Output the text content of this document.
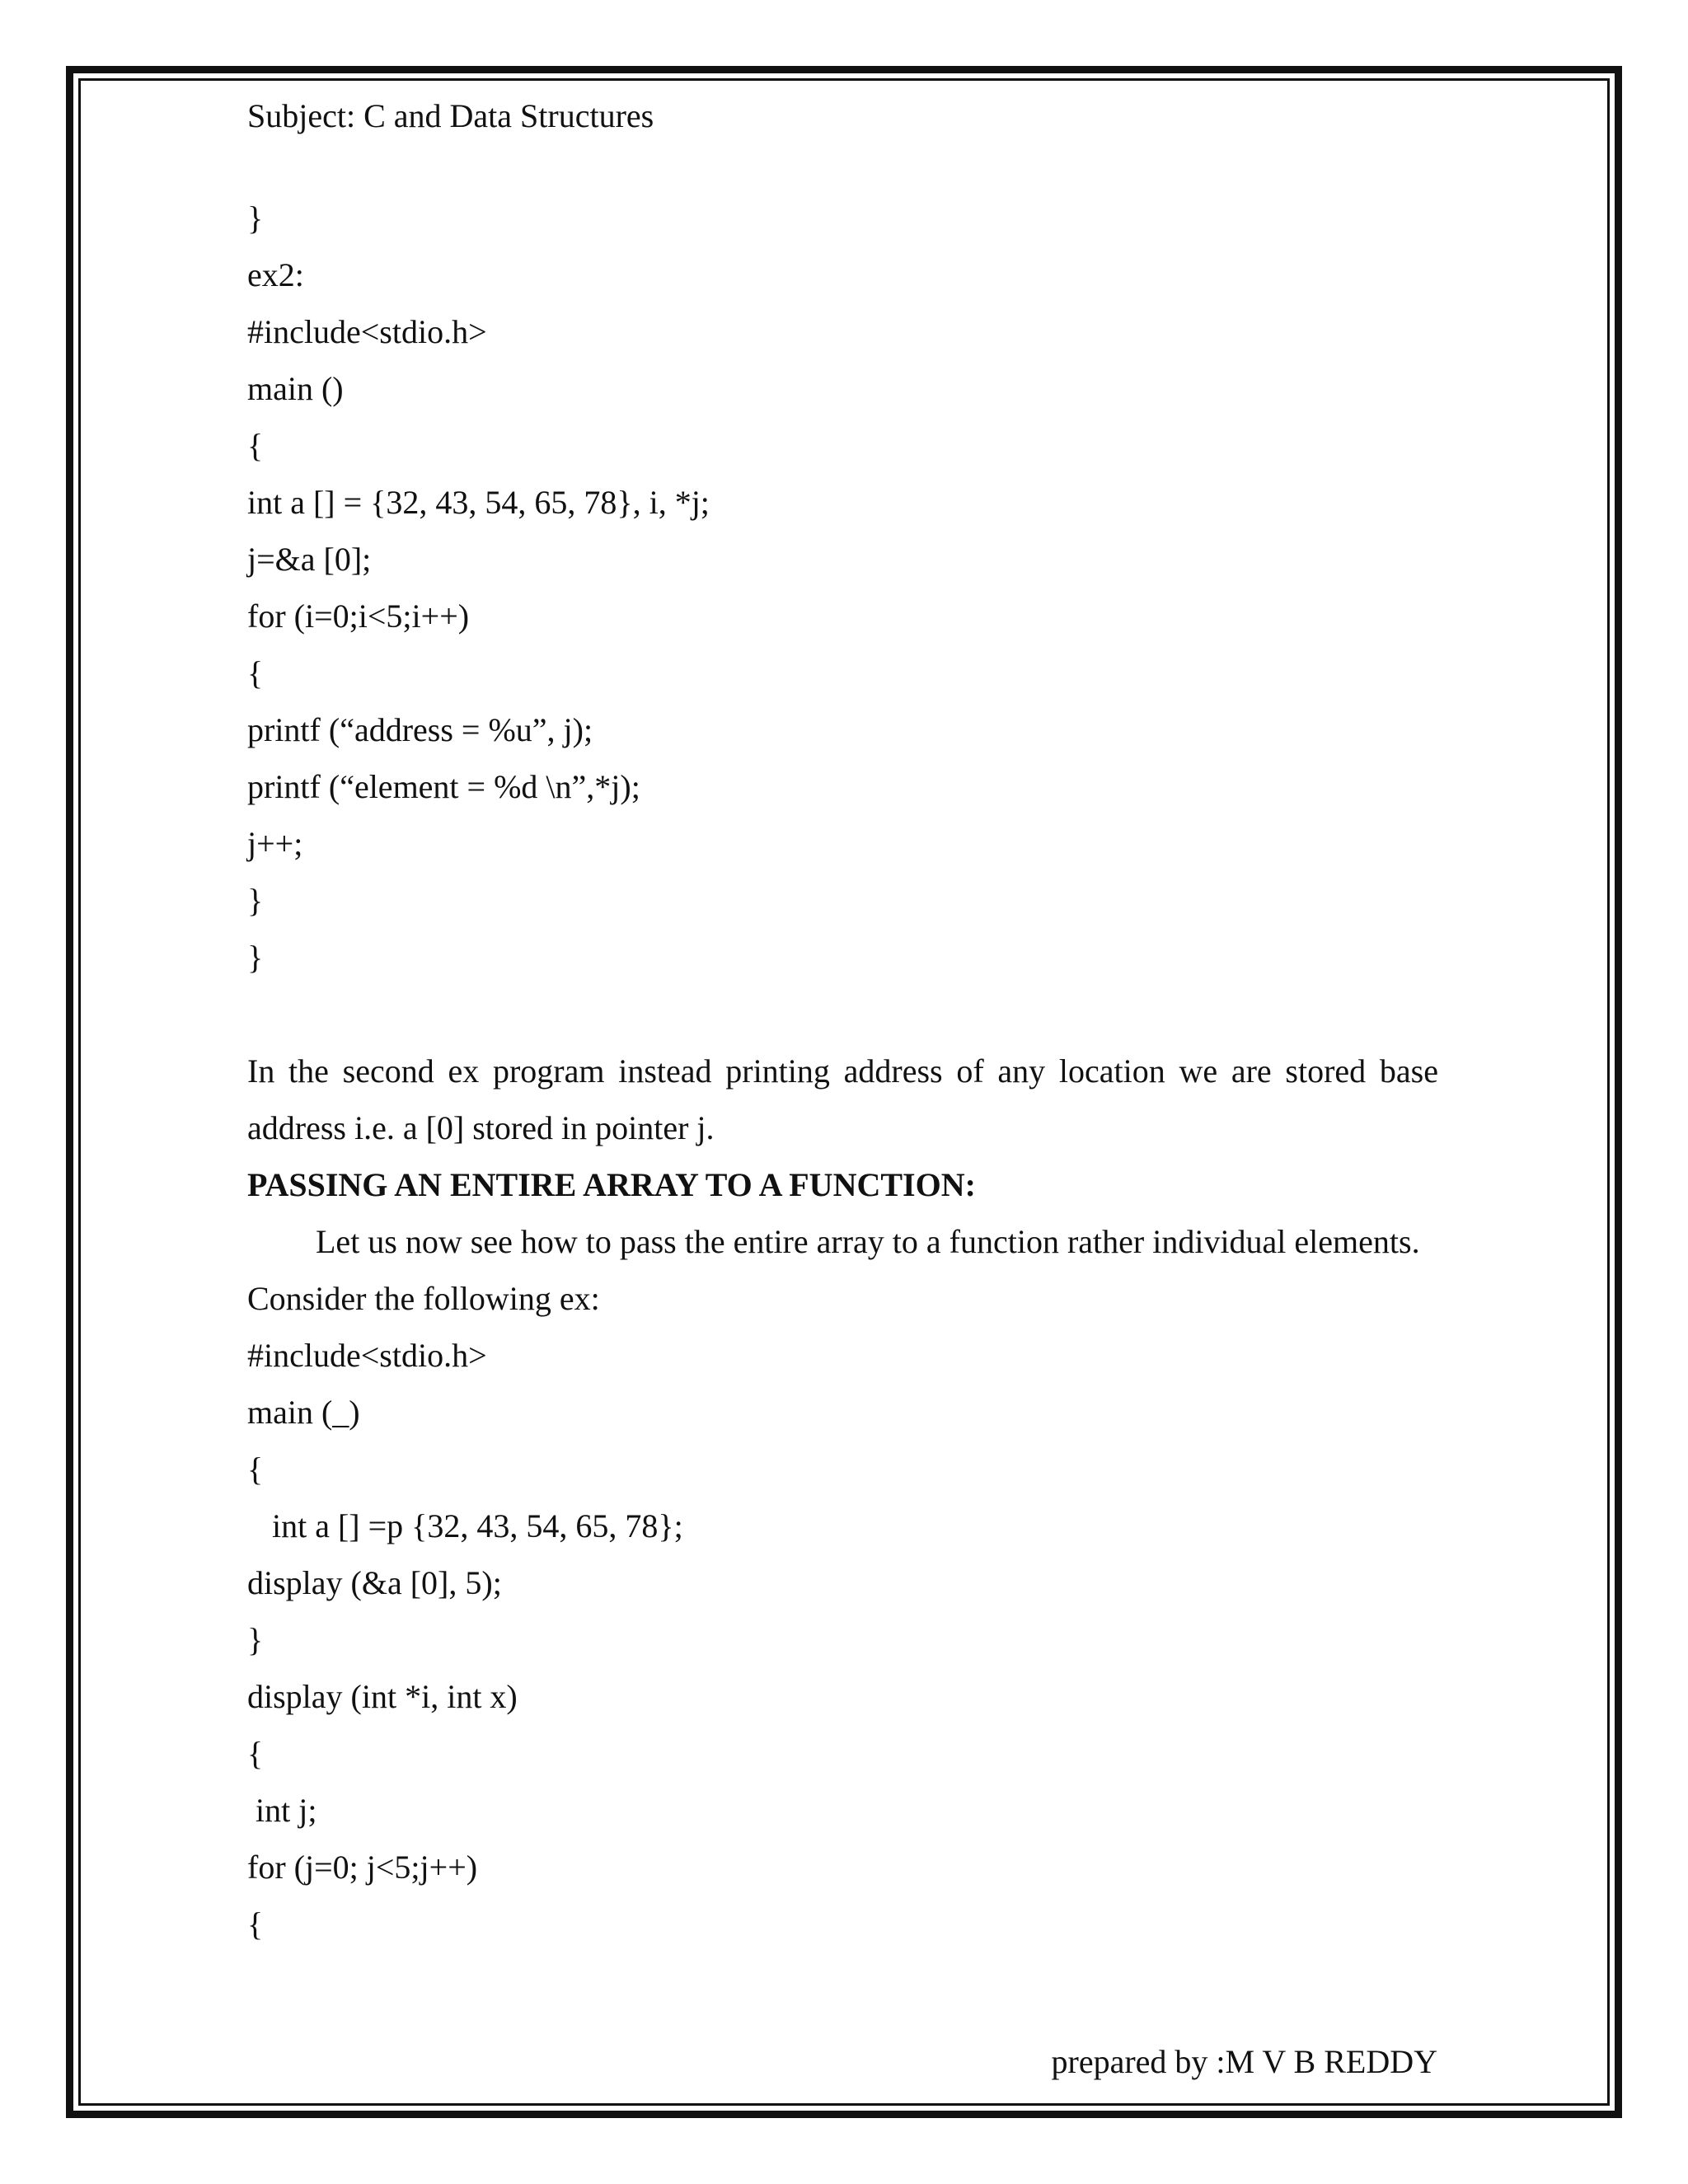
Subject: C and Data Structures
}
ex2:
#include<stdio.h>
main ()
{
int a [] = {32, 43, 54, 65, 78}, i, *j;
j=&a [0];
for (i=0;i<5;i++)
{
printf (“address = %u”, j);
printf (“element = %d \n”,*j);
j++;
}
}
In the second ex program instead printing address of any location we are stored base
address i.e. a [0] stored in pointer j.
PASSING AN ENTIRE ARRAY TO A FUNCTION:
Let us now see how to pass the entire array to a function rather individual elements.
Consider the following ex:
#include<stdio.h>
main (_)
{
int a [] =p {32, 43, 54, 65, 78};
display (&a [0], 5);
}
display (int *i, int x)
{
int j;
for (j=0; j<5;j++)
{
prepared by :M V B REDDY
